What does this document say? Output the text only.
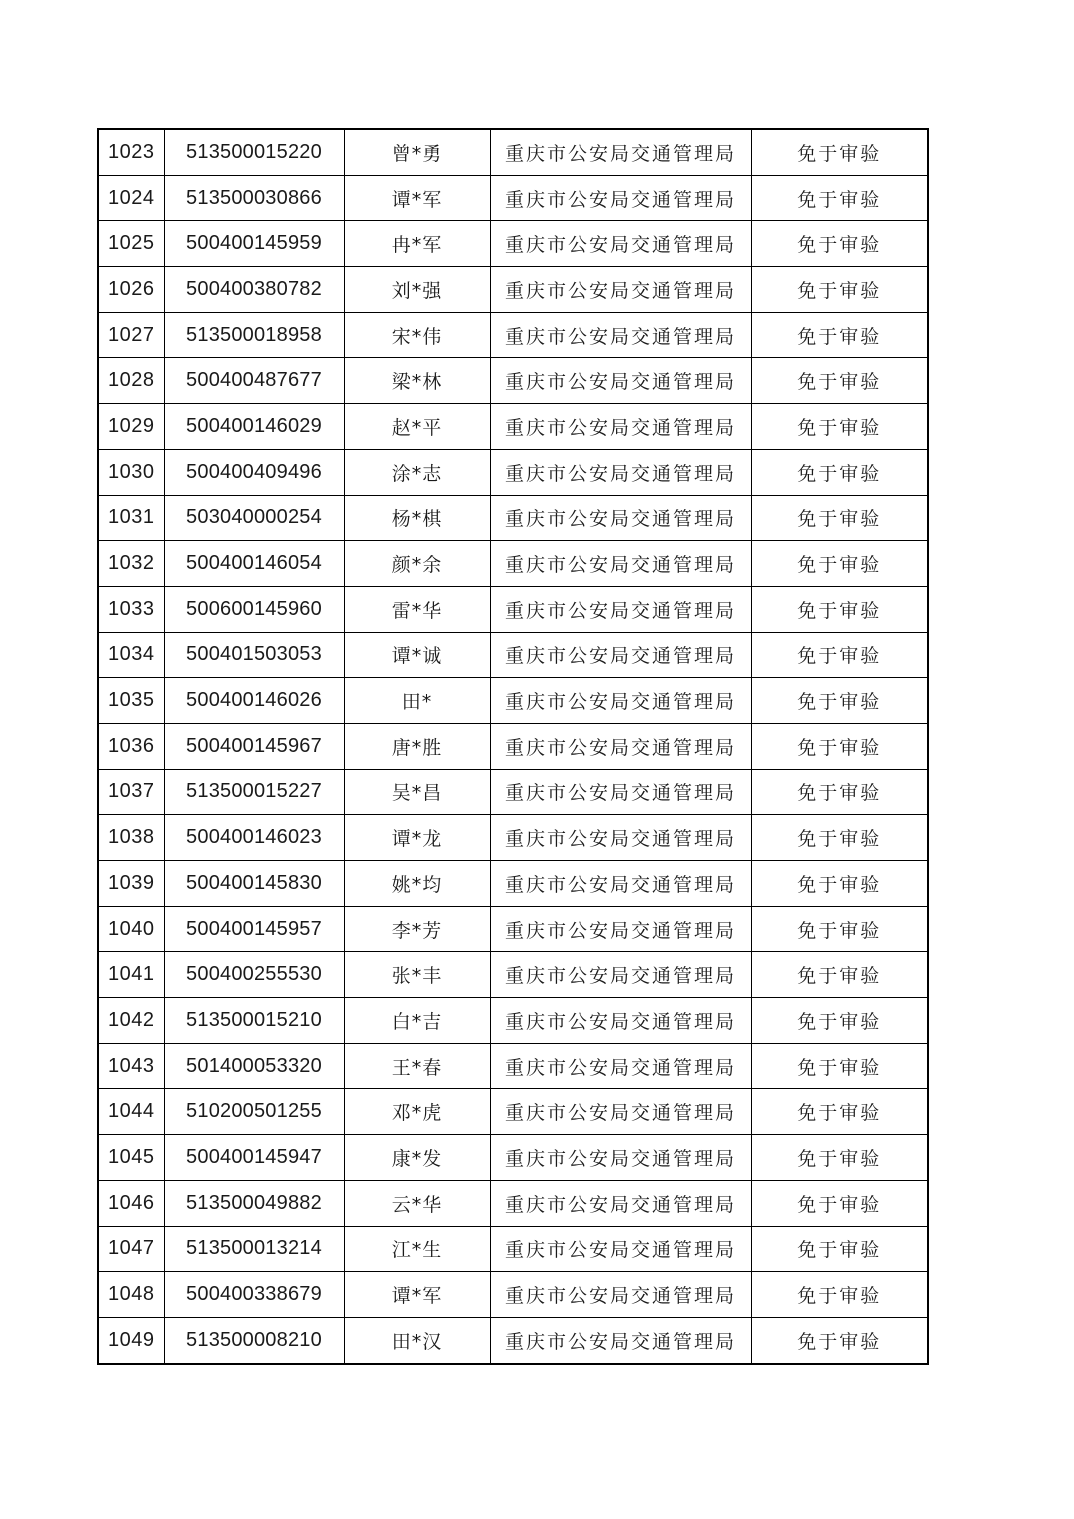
1023	513500015220	曾*勇	重庆市公安局交通管理局	免于审验
1024	513500030866	谭*军	重庆市公安局交通管理局	免于审验
1025	500400145959	冉*军	重庆市公安局交通管理局	免于审验
1026	500400380782	刘*强	重庆市公安局交通管理局	免于审验
1027	513500018958	宋*伟	重庆市公安局交通管理局	免于审验
1028	500400487677	梁*林	重庆市公安局交通管理局	免于审验
1029	500400146029	赵*平	重庆市公安局交通管理局	免于审验
1030	500400409496	涂*志	重庆市公安局交通管理局	免于审验
1031	503040000254	杨*棋	重庆市公安局交通管理局	免于审验
1032	500400146054	颜*余	重庆市公安局交通管理局	免于审验
1033	500600145960	雷*华	重庆市公安局交通管理局	免于审验
1034	500401503053	谭*诚	重庆市公安局交通管理局	免于审验
1035	500400146026	田*	重庆市公安局交通管理局	免于审验
1036	500400145967	唐*胜	重庆市公安局交通管理局	免于审验
1037	513500015227	吴*昌	重庆市公安局交通管理局	免于审验
1038	500400146023	谭*龙	重庆市公安局交通管理局	免于审验
1039	500400145830	姚*均	重庆市公安局交通管理局	免于审验
1040	500400145957	李*芳	重庆市公安局交通管理局	免于审验
1041	500400255530	张*丰	重庆市公安局交通管理局	免于审验
1042	513500015210	白*吉	重庆市公安局交通管理局	免于审验
1043	501400053320	王*春	重庆市公安局交通管理局	免于审验
1044	510200501255	邓*虎	重庆市公安局交通管理局	免于审验
1045	500400145947	康*发	重庆市公安局交通管理局	免于审验
1046	513500049882	云*华	重庆市公安局交通管理局	免于审验
1047	513500013214	江*生	重庆市公安局交通管理局	免于审验
1048	500400338679	谭*军	重庆市公安局交通管理局	免于审验
1049	513500008210	田*汉	重庆市公安局交通管理局	免于审验
